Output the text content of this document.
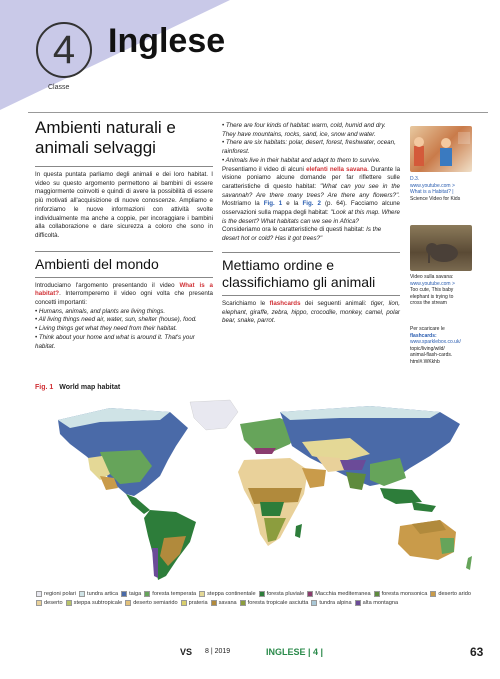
4
Classe
Inglese
Ambienti naturali e animali selvaggi

In questa puntata parliamo degli animali e dei loro habitat. I video su questo argomento permettono ai bambini di essere maggiormente coinvolti e quindi di avere la possibilità di essere più motivati all'acquisizione di nuove conoscenze. Ampliamo e rinforziamo le nuove informazioni con attività svolte individualmente ma anche a coppie, per incoraggiare i bambini alla collaborazione e dare sicurezza a coloro che sono in difficoltà.

Ambienti del mondo

Introduciamo l'argomento presentando il video What is a habitat?. Interromperemo il video ogni volta che presenta concetti importanti:

• Humans, animals, and plants are living things.

• All living things need air, water, sun, shelter (house), food.

• Living things get what they need from their habitat.

• Think about your home and what is around it. That's your habitat.

• There are four kinds of habitat: warm, cold, humid and dry. They have mountains, rocks, sand, ice, snow and water.

• There are six habitats: polar, desert, forest, freshwater, ocean, rainforest.

• Animals live in their habitat and adapt to them to survive.

Presentiamo il video di alcuni elefanti nella savana. Durante la visione poniamo alcune domande per far riflettere sulle caratteristiche di questo habitat: "What can you see in the savannah? Are there many trees? Are there any flowers?". Mostriamo la Fig. 1 e la Fig. 2 (p. 64). Facciamo alcune osservazioni sulla mappa degli habitat: "Look at this map. Where is the desert? What habitats can we see in Africa?

Consideriamo ora le caratteristiche di questi habitat: Is the desert hot or cold? Has it got trees?"

Mettiamo ordine e classifichiamo gli animali

Scarichiamo le flashcards dei seguenti animali: tiger, lion, elephant, giraffe, zebra, hippo, crocodile, monkey, camel, polar bear, snake, parrot.

D.3.
www.youtube.com >
What is a Habitat? |
Science Video for Kids
Video sulla savana:
www.youtube.com >
Too cute, This baby
elephant is trying to
cross the stream
Per scaricare le
flashcards:
www.sparklebox.co.uk/
topic/living/wild/
animal-flash-cards.
html#.WKkhb
Fig. 1 World map habitat
regioni polari tundra artica taiga foresta temperata steppa continentale foresta pluviale Macchia mediterranea foresta monsonica deserto aridodeserto steppa subtropicale deserto semiarido prateria savana foresta tropicale asciutta tundra alpina alta montagna
VS 8 | 2019	INGLESE | 4 |	63
